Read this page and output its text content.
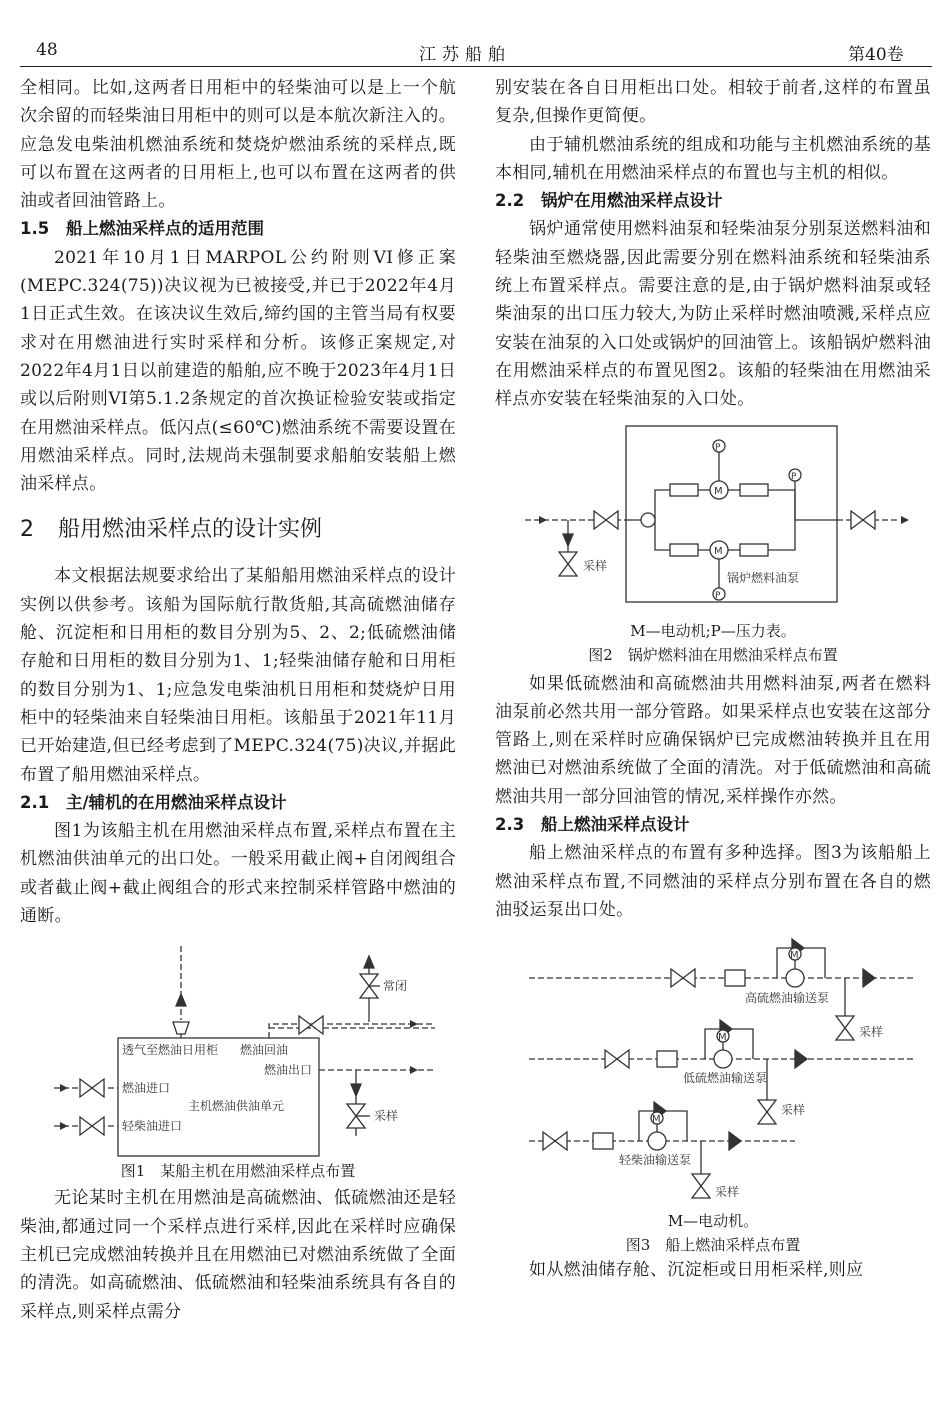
48	江苏船舶	第40卷

全相同。比如,这两者日用柜中的轻柴油可以是上一个航次余留的而轻柴油日用柜中的则可以是本航次新注入的。应急发电柴油机燃油系统和焚烧炉燃油系统的采样点,既可以布置在这两者的日用柜上,也可以布置在这两者的供油或者回油管路上。

1.5 船上燃油采样点的适用范围

2021年10月1日MARPOL公约附则VI修正案(MEPC.324(75))决议视为已被接受,并已于2022年4月1日正式生效。在该决议生效后,缔约国的主管当局有权要求对在用燃油进行实时采样和分析。该修正案规定,对2022年4月1日以前建造的船舶,应不晚于2023年4月1日或以后附则VI第5.1.2条规定的首次换证检验安装或指定在用燃油采样点。低闪点(≤60℃)燃油系统不需要设置在用燃油采样点。同时,法规尚未强制要求船舶安装船上燃油采样点。

2 船用燃油采样点的设计实例

本文根据法规要求给出了某船船用燃油采样点的设计实例以供参考。该船为国际航行散货船,其高硫燃油储存舱、沉淀柜和日用柜的数目分别为5、2、2;低硫燃油储存舱和日用柜的数目分别为1、1;轻柴油储存舱和日用柜的数目分别为1、1;应急发电柴油机日用柜和焚烧炉日用柜中的轻柴油来自轻柴油日用柜。该船虽于2021年11月已开始建造,但已经考虑到了MEPC.324(75)决议,并据此布置了船用燃油采样点。

2.1 主/辅机的在用燃油采样点设计

图1为该船主机在用燃油采样点布置,采样点布置在主机燃油供油单元的出口处。一般采用截止阀+自闭阀组合或者截止阀+截止阀组合的形式来控制采样管路中燃油的通断。

常闭
透气至燃油日用柜 燃油回油
燃油出口
燃油进口
主机燃油供油单元
轻柴油进口
采样
图1　某船主机在用燃油采样点布置

无论某时主机在用燃油是高硫燃油、低硫燃油还是轻柴油,都通过同一个采样点进行采样,因此在采样时应确保主机已完成燃油转换并且在用燃油已对燃油系统做了全面的清洗。如高硫燃油、低硫燃油和轻柴油系统具有各自的采样点,则采样点需分

别安装在各自日用柜出口处。相较于前者,这样的布置虽复杂,但操作更简便。

由于辅机燃油系统的组成和功能与主机燃油系统的基本相同,辅机在用燃油采样点的布置也与主机的相似。

2.2 锅炉在用燃油采样点设计

锅炉通常使用燃料油泵和轻柴油泵分别泵送燃料油和轻柴油至燃烧器,因此需要分别在燃料油系统和轻柴油系统上布置采样点。需要注意的是,由于锅炉燃料油泵或轻柴油泵的出口压力较大,为防止采样时燃油喷溅,采样点应安装在油泵的入口处或锅炉的回油管上。该船锅炉燃料油在用燃油采样点的布置见图2。该船的轻柴油在用燃油采样点亦安装在轻柴油泵的入口处。

M
M
P
P
P
采样
锅炉燃料油泵
M—电动机;P—压力表。
图2　锅炉燃料油在用燃油采样点布置

如果低硫燃油和高硫燃油共用燃料油泵,两者在燃料油泵前必然共用一部分管路。如果采样点也安装在这部分管路上,则在采样时应确保锅炉已完成燃油转换并且在用燃油已对燃油系统做了全面的清洗。对于低硫燃油和高硫燃油共用一部分回油管的情况,采样操作亦然。

2.3 船上燃油采样点设计

船上燃油采样点的布置有多种选择。图3为该船船上燃油采样点布置,不同燃油的采样点分别布置在各自的燃油驳运泵出口处。

M
M
M
高硫燃油输送泵
采样
低硫燃油输送泵
采样
轻柴油输送泵
采样
M—电动机。
图3　船上燃油采样点布置

如从燃油储存舱、沉淀柜或日用柜采样,则应
